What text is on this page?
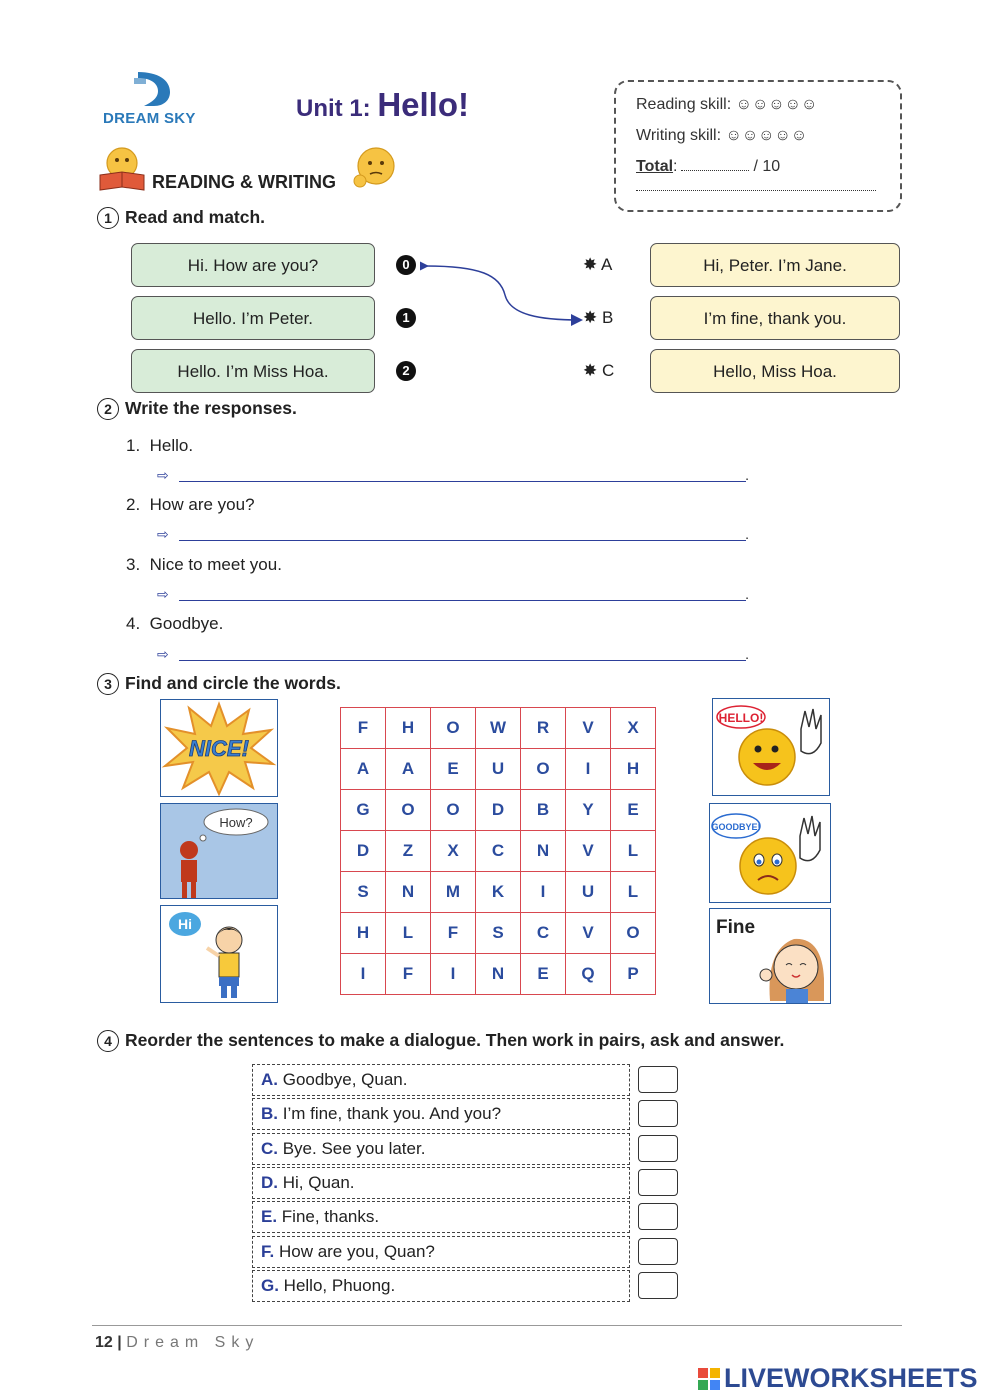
DREAM SKY	Unit 1: Hello!	Reading skill: ☺☺☺☺☺
Writing skill: ☺☺☺☺☺
Total:	/ 10
READING & WRITING
1 Read and match.
Hi. How are you?
Hello. I’m Peter.
Hello. I’m Miss Hoa.
0
1
2
✸ A
✸ B
✸ C
Hi, Peter. I’m Jane.
I’m fine, thank you.
Hello, Miss Hoa.
2 Write the responses.
1. Hello.
⇨	.
2. How are you?
⇨	.
3. Nice to meet you.
⇨	.
4. Goodbye.
⇨	.
3 Find and circle the words.
NICE!
How?
Hi
F	H	O	W	R	V	X
A	A	E	U	O	I	H
G	O	O	D	B	Y	E
D	Z	X	C	N	V	L
S	N	M	K	I	U	L
H	L	F	S	C	V	O
I	F	I	N	E	Q	P
HELLO!
GOODBYE!
Fine
4 Reorder the sentences to make a dialogue. Then work in pairs, ask and answer.
A. Goodbye, Quan.
B. I’m fine, thank you. And you?
C. Bye. See you later.
D. Hi, Quan.
E. Fine, thanks.
F. How are you, Quan?
G. Hello, Phuong.
12 | Dream Sky
LIVEWORKSHEETS
